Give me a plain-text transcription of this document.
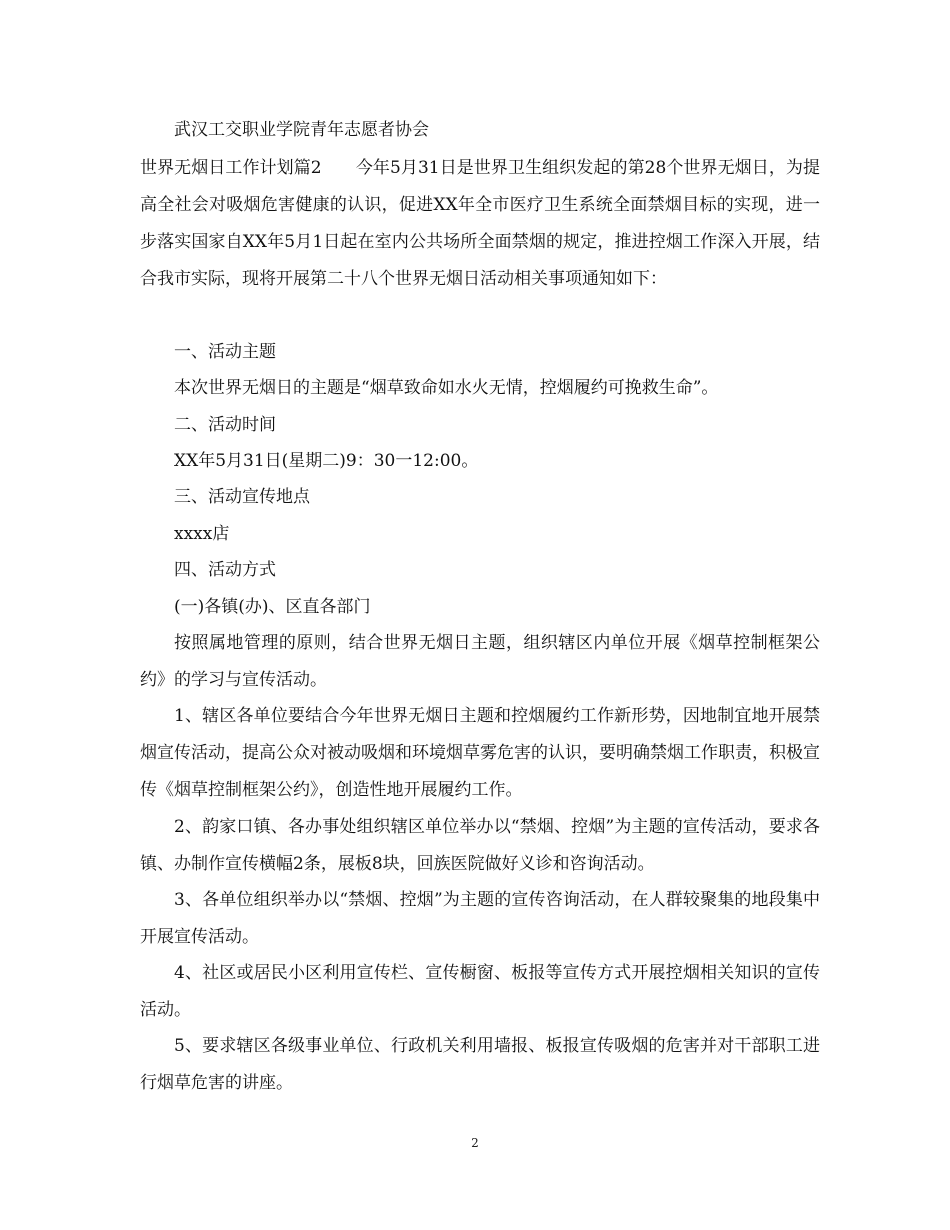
武汉工交职业学院青年志愿者协会

世界无烟日工作计划篇2　　今年5月31日是世界卫生组织发起的第28个世界无烟日，为提高全社会对吸烟危害健康的认识，促进XX年全市医疗卫生系统全面禁烟目标的实现，进一步落实国家自XX年5月1日起在室内公共场所全面禁烟的规定，推进控烟工作深入开展，结合我市实际，现将开展第二十八个世界无烟日活动相关事项通知如下：

一、活动主题

本次世界无烟日的主题是“烟草致命如水火无情，控烟履约可挽救生命”。

二、活动时间

XX年5月31日(星期二)9：30一12:00。

三、活动宣传地点

xxxx店

四、活动方式

(一)各镇(办)、区直各部门

按照属地管理的原则，结合世界无烟日主题，组织辖区内单位开展《烟草控制框架公约》的学习与宣传活动。

1、辖区各单位要结合今年世界无烟日主题和控烟履约工作新形势，因地制宜地开展禁烟宣传活动，提高公众对被动吸烟和环境烟草雾危害的认识，要明确禁烟工作职责，积极宣传《烟草控制框架公约》，创造性地开展履约工作。

2、韵家口镇、各办事处组织辖区单位举办以“禁烟、控烟”为主题的宣传活动，要求各镇、办制作宣传横幅2条，展板8块，回族医院做好义诊和咨询活动。

3、各单位组织举办以“禁烟、控烟”为主题的宣传咨询活动，在人群较聚集的地段集中开展宣传活动。

4、社区或居民小区利用宣传栏、宣传橱窗、板报等宣传方式开展控烟相关知识的宣传活动。

5、要求辖区各级事业单位、行政机关利用墙报、板报宣传吸烟的危害并对干部职工进行烟草危害的讲座。

2
